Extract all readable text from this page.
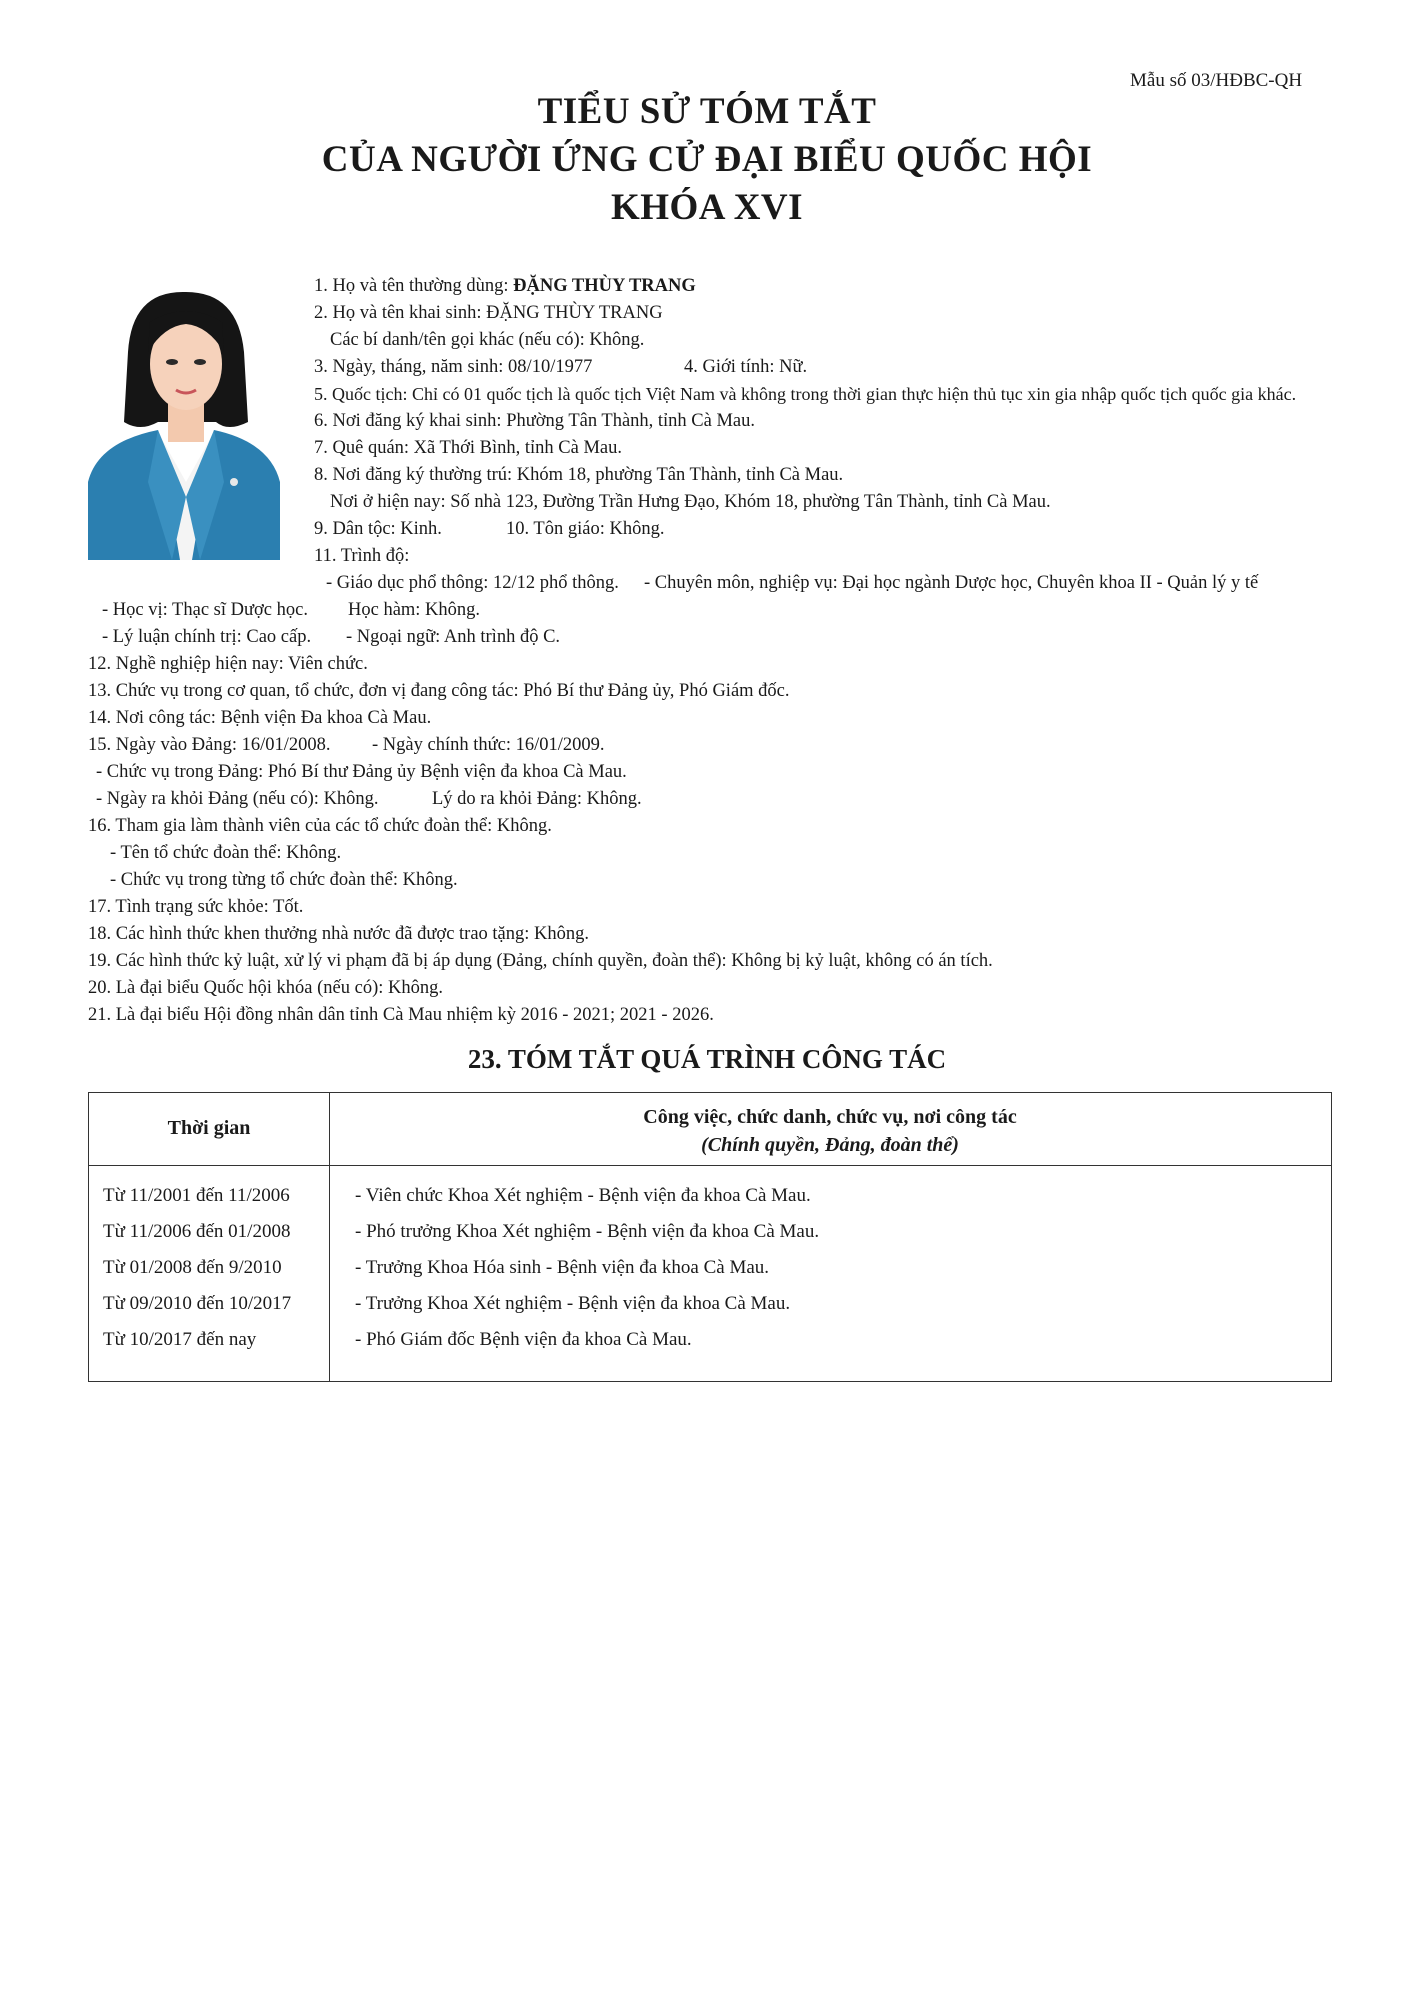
Mẫu số 03/HĐBC-QH
TIỂU SỬ TÓM TẮT
CỦA NGƯỜI ỨNG CỬ ĐẠI BIỂU QUỐC HỘI
KHÓA XVI
1. Họ và tên thường dùng: ĐẶNG THÙY TRANG
2. Họ và tên khai sinh: ĐẶNG THÙY TRANG
Các bí danh/tên gọi khác (nếu có): Không.
3. Ngày, tháng, năm sinh: 08/10/1977	4. Giới tính: Nữ.
5. Quốc tịch: Chỉ có 01 quốc tịch là quốc tịch Việt Nam và không trong thời gian thực hiện thủ tục xin gia nhập quốc tịch quốc gia khác.
6. Nơi đăng ký khai sinh: Phường Tân Thành, tỉnh Cà Mau.
7. Quê quán: Xã Thới Bình, tỉnh Cà Mau.
8. Nơi đăng ký thường trú: Khóm 18, phường Tân Thành, tỉnh Cà Mau.
Nơi ở hiện nay: Số nhà 123, Đường Trần Hưng Đạo, Khóm 18, phường Tân Thành, tỉnh Cà Mau.
9. Dân tộc: Kinh.	10. Tôn giáo: Không.
11. Trình độ:
- Giáo dục phổ thông: 12/12 phổ thông. - Chuyên môn, nghiệp vụ: Đại học ngành Dược học, Chuyên khoa II - Quản lý y tế
- Học vị: Thạc sĩ Dược học. Học hàm: Không.
- Lý luận chính trị: Cao cấp. - Ngoại ngữ: Anh trình độ C.
12. Nghề nghiệp hiện nay: Viên chức.
13. Chức vụ trong cơ quan, tổ chức, đơn vị đang công tác: Phó Bí thư Đảng ủy, Phó Giám đốc.
14. Nơi công tác: Bệnh viện Đa khoa Cà Mau.
15. Ngày vào Đảng: 16/01/2008. - Ngày chính thức: 16/01/2009.
- Chức vụ trong Đảng: Phó Bí thư Đảng ủy Bệnh viện đa khoa Cà Mau.
- Ngày ra khỏi Đảng (nếu có): Không.	Lý do ra khỏi Đảng: Không.
16. Tham gia làm thành viên của các tổ chức đoàn thể: Không.
- Tên tổ chức đoàn thể: Không.
- Chức vụ trong từng tổ chức đoàn thể: Không.
17. Tình trạng sức khỏe: Tốt.
18. Các hình thức khen thưởng nhà nước đã được trao tặng: Không.
19. Các hình thức kỷ luật, xử lý vi phạm đã bị áp dụng (Đảng, chính quyền, đoàn thể): Không bị kỷ luật, không có án tích.
20. Là đại biểu Quốc hội khóa (nếu có): Không.
21. Là đại biểu Hội đồng nhân dân tỉnh Cà Mau nhiệm kỳ 2016 - 2021; 2021 - 2026.
23. TÓM TẮT QUÁ TRÌNH CÔNG TÁC
Thời gian	Công việc, chức danh, chức vụ, nơi công tác
(Chính quyền, Đảng, đoàn thể)
Từ 11/2001 đến 11/2006	- Viên chức Khoa Xét nghiệm - Bệnh viện đa khoa Cà Mau.
Từ 11/2006 đến 01/2008	- Phó trưởng Khoa Xét nghiệm - Bệnh viện đa khoa Cà Mau.
Từ 01/2008 đến 9/2010	- Trưởng Khoa Hóa sinh - Bệnh viện đa khoa Cà Mau.
Từ 09/2010 đến 10/2017	- Trưởng Khoa Xét nghiệm - Bệnh viện đa khoa Cà Mau.
Từ 10/2017 đến nay	- Phó Giám đốc Bệnh viện đa khoa Cà Mau.
